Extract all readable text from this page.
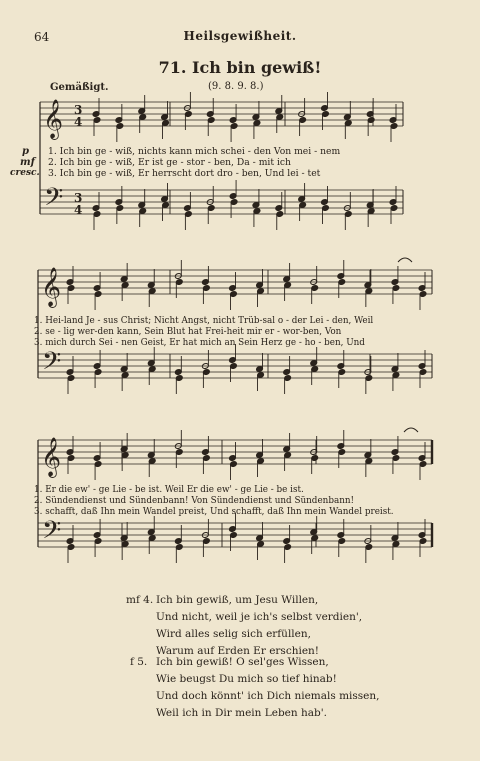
64	Heilsgewißheit.
71. Ich bin gewiß!
Gemäßigt.	(9. 8. 9. 8.)
𝄞
𝄢
3
4
3
4
𝄞
𝄢
𝄞
𝄢
p
mf
cresc.
1. Ich bin ge - wiß, nichts kann mich schei - den Von mei - nem
2. Ich bin ge - wiß, Er ist ge - stor - ben, Da - mit ich
3. Ich bin ge - wiß, Er herrscht dort dro - ben, Und lei - tet
1. Hei-land Je - sus Christ; Nicht Angst, nicht Trüb-sal o - der Lei - den, Weil
2. se - lig wer-den kann, Sein Blut hat Frei-heit mir er - wor-ben, Von
3. mich durch Sei - nen Geist, Er hat mich an Sein Herz ge - ho - ben, Und
1. Er die ew' - ge Lie - be ist. Weil Er die ew' - ge Lie - be ist.
2. Sündendienst und Sündenbann! Von Sündendienst und Sündenbann!
3. schafft, daß Ihn mein Wandel preist, Und schafft, daß Ihn mein Wandel preist.
mf 4. Ich bin gewiß, um Jesu Willen,
Und nicht, weil je ich's selbst verdien',
Wird alles selig sich erfüllen,
Warum auf Erden Er erschien!
f 5. Ich bin gewiß! O sel'ges Wissen,
Wie beugst Du mich so tief hinab!
Und doch könnt' ich Dich niemals missen,
Weil ich in Dir mein Leben hab'.
